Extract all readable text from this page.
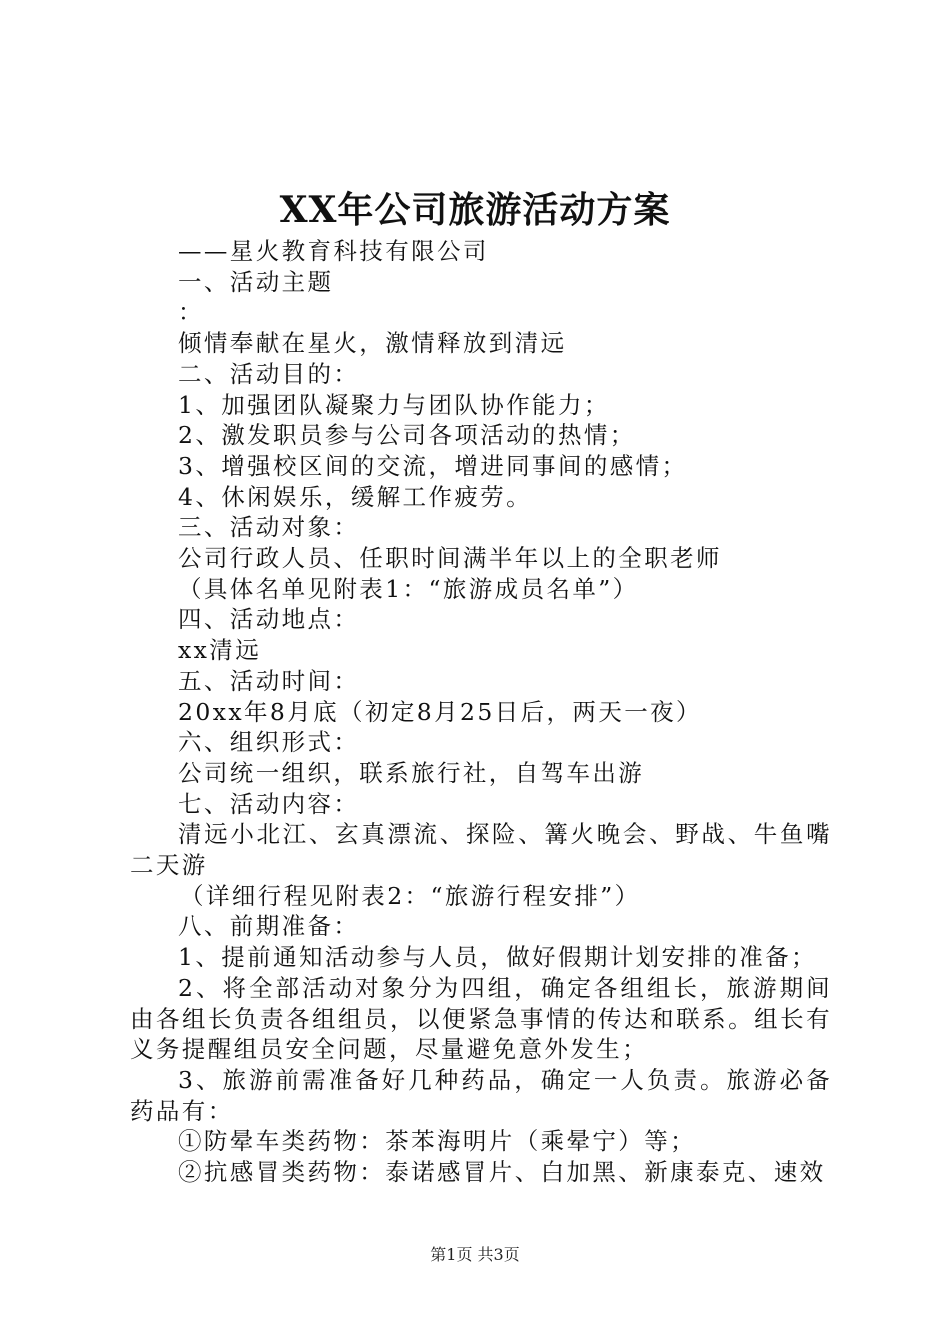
XX年公司旅游活动方案
——星火教育科技有限公司
一、活动主题
：
倾情奉献在星火，激情释放到清远
二、活动目的：
1、加强团队凝聚力与团队协作能力；
2、激发职员参与公司各项活动的热情；
3、增强校区间的交流，增进同事间的感情；
4、休闲娱乐，缓解工作疲劳。
三、活动对象：
公司行政人员、任职时间满半年以上的全职老师
（具体名单见附表1：“旅游成员名单”）
四、活动地点：
xx清远
五、活动时间：
20xx年8月底（初定8月25日后，两天一夜）
六、组织形式：
公司统一组织，联系旅行社，自驾车出游
七、活动内容：
清远小北江、玄真漂流、探险、篝火晚会、野战、牛鱼嘴二天游
（详细行程见附表2：“旅游行程安排”）
八、前期准备：
1、提前通知活动参与人员，做好假期计划安排的准备；
2、将全部活动对象分为四组，确定各组组长，旅游期间由各组长负责各组组员，以便紧急事情的传达和联系。组长有义务提醒组员安全问题，尽量避免意外发生；
3、旅游前需准备好几种药品，确定一人负责。旅游必备药品有：
①防晕车类药物：茶苯海明片（乘晕宁）等；
②抗感冒类药物：泰诺感冒片、白加黑、新康泰克、速效
第1页 共3页
